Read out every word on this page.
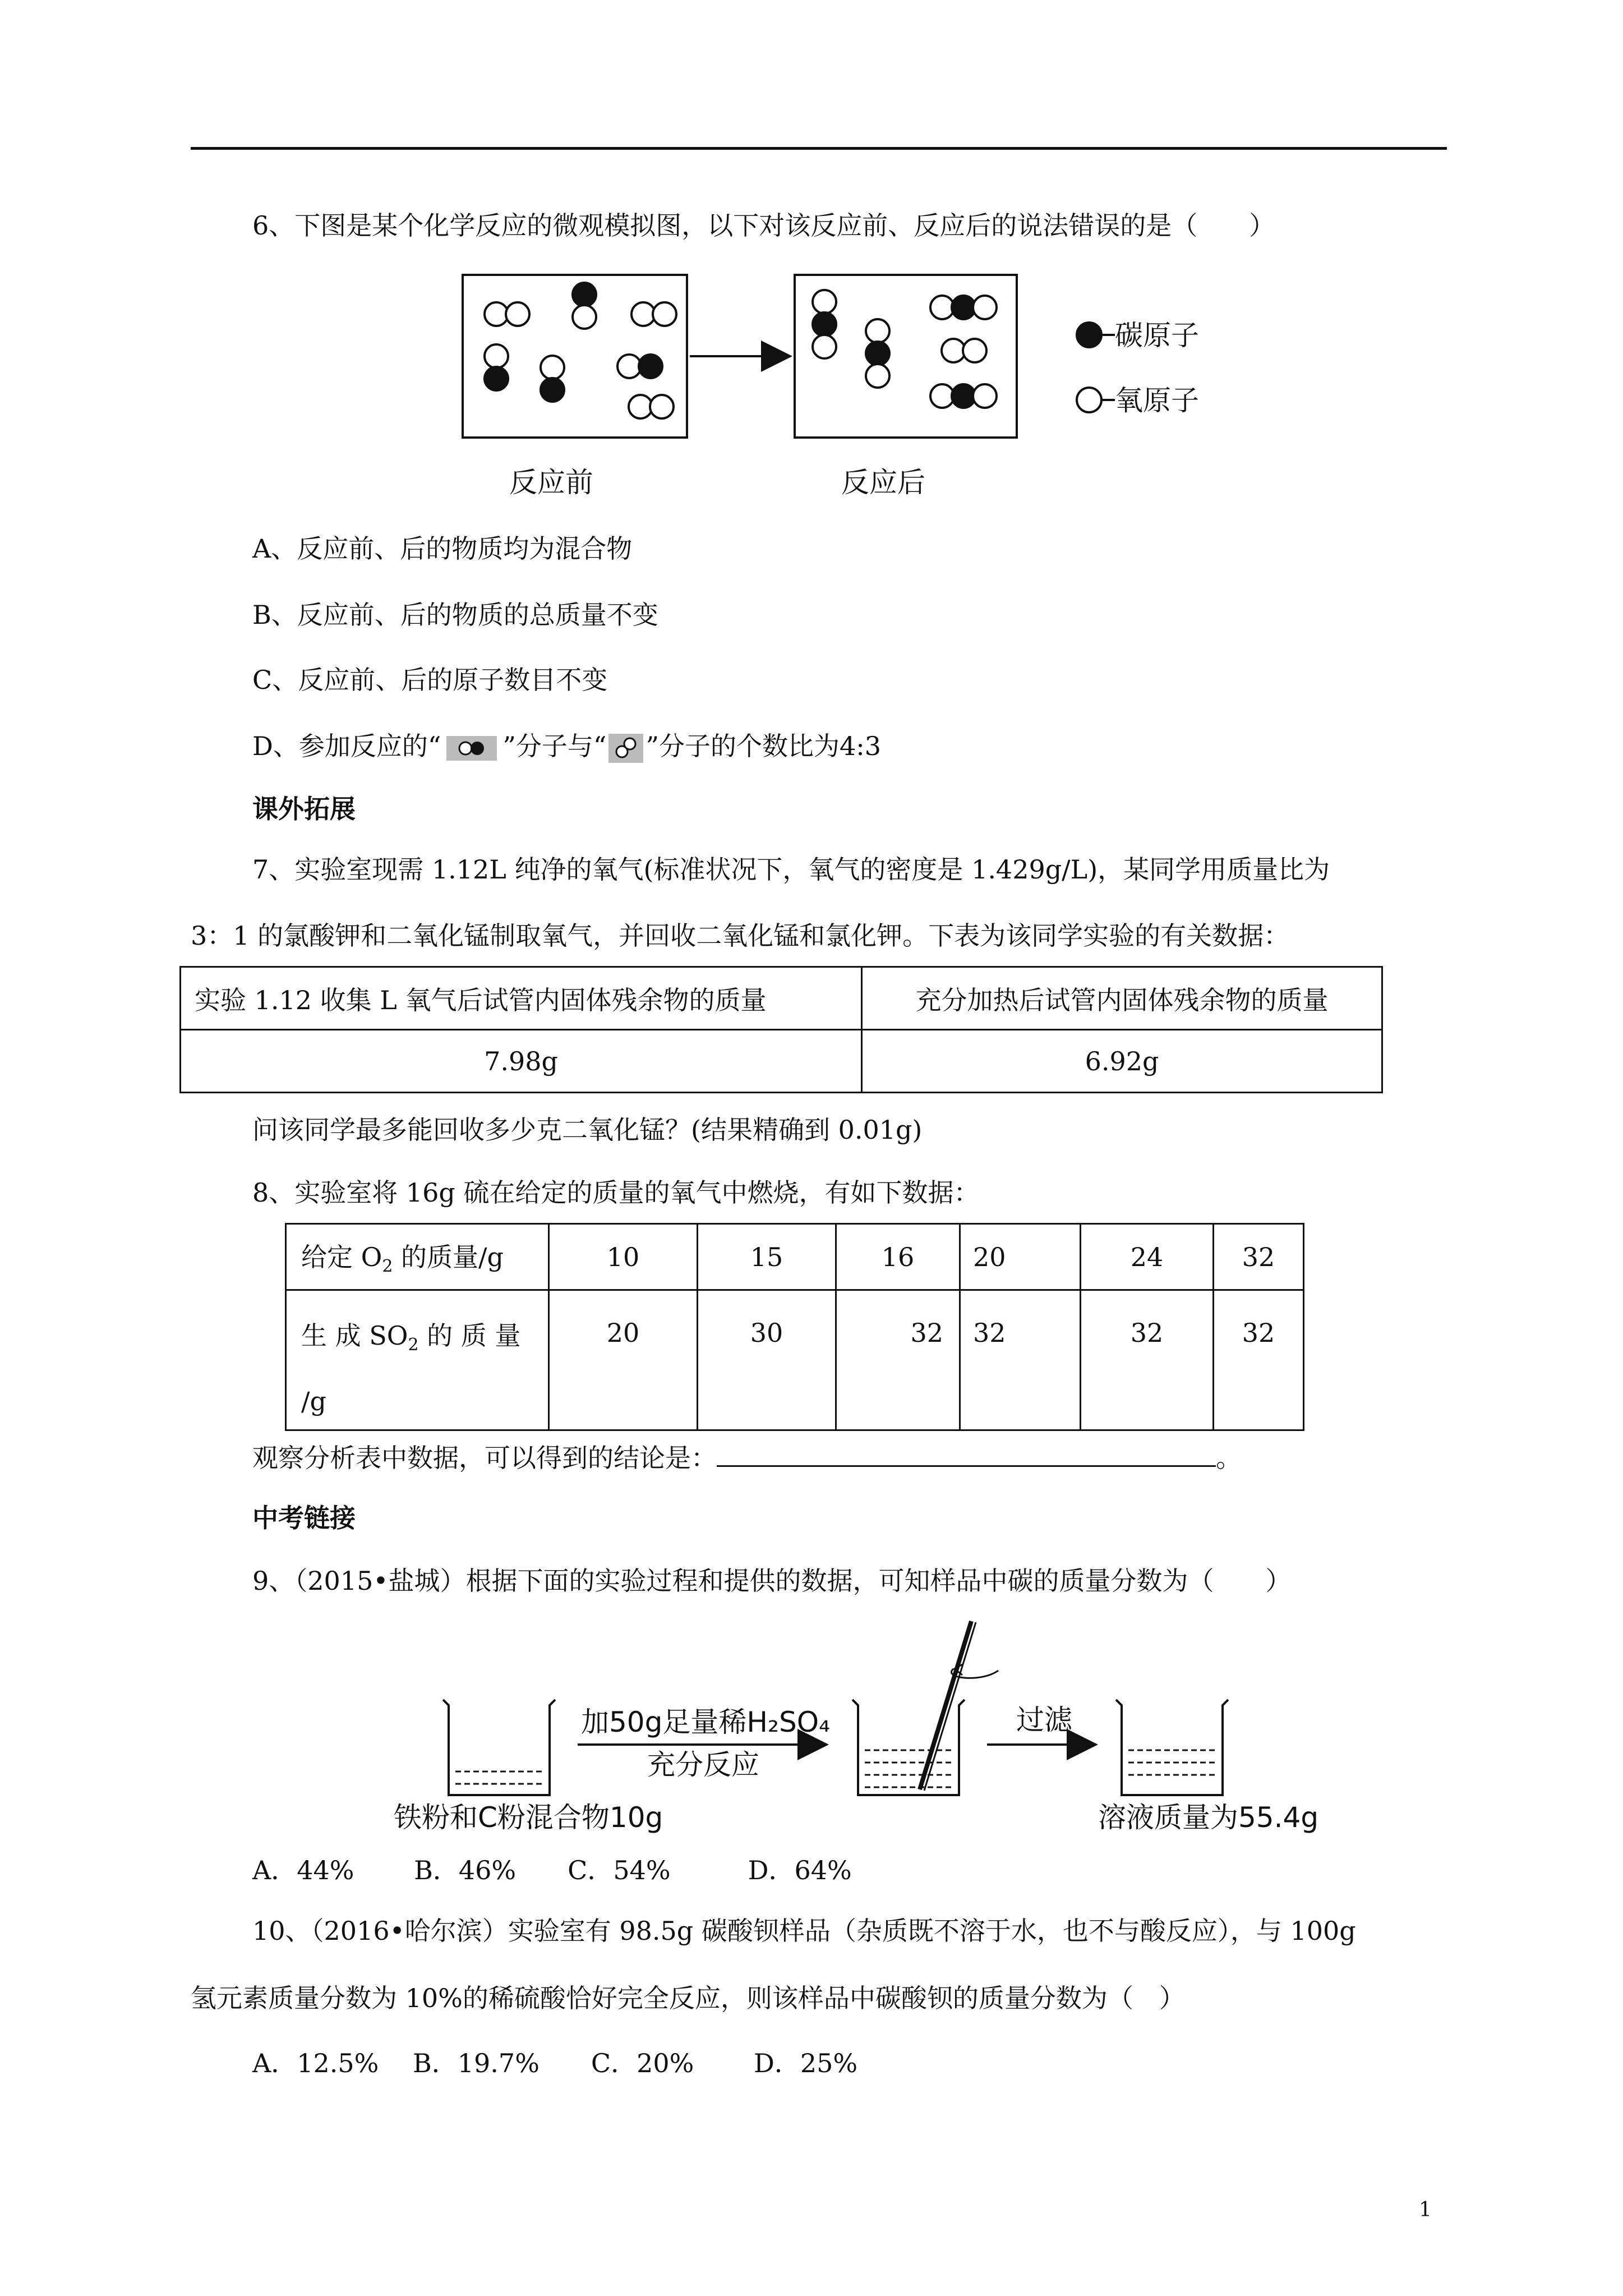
6、下图是某个化学反应的微观模拟图，以下对该反应前、反应后的说法错误的是（　　）
碳原子
氧原子
反应前	反应后
A、反应前、后的物质均为混合物
B、反应前、后的物质的总质量不变
C、反应前、后的原子数目不变
D、参加反应的“ ”分子与“ ”分子的个数比为4:3
课外拓展
7、实验室现需 1.12L 纯净的氧气(标准状况下，氧气的密度是 1.429g/L)，某同学用质量比为
3：1 的氯酸钾和二氧化锰制取氧气，并回收二氧化锰和氯化钾。下表为该同学实验的有关数据：
实验 1.12 收集 L 氧气后试管内固体残余物的质量	充分加热后试管内固体残余物的质量
7.98g	6.92g
问该同学最多能回收多少克二氧化锰？(结果精确到 0.01g)
8、实验室将 16g 硫在给定的质量的氧气中燃烧，有如下数据：
给定 $O_2$ 的质量/g	10	15	16	20	24	32
生 成 $SO_2$ 的 质 量
/g	20	30	32	32	32	32
观察分析表中数据，可以得到的结论是：	。
中考链接
9、（2015•盐城）根据下面的实验过程和提供的数据，可知样品中碳的质量分数为（　　）
加50g足量稀H₂SO₄
充分反应
过滤
铁粉和C粉混合物10g	溶液质量为55.4g
A．44%　　 B．46%　　C．54%　　　D．64%
10、（2016•哈尔滨）实验室有 98.5g 碳酸钡样品（杂质既不溶于水，也不与酸反应），与 100g
氢元素质量分数为 10%的稀硫酸恰好完全反应，则该样品中碳酸钡的质量分数为（　）
A．12.5%　 B．19.7%　　C．20%　　 D．25%
1
